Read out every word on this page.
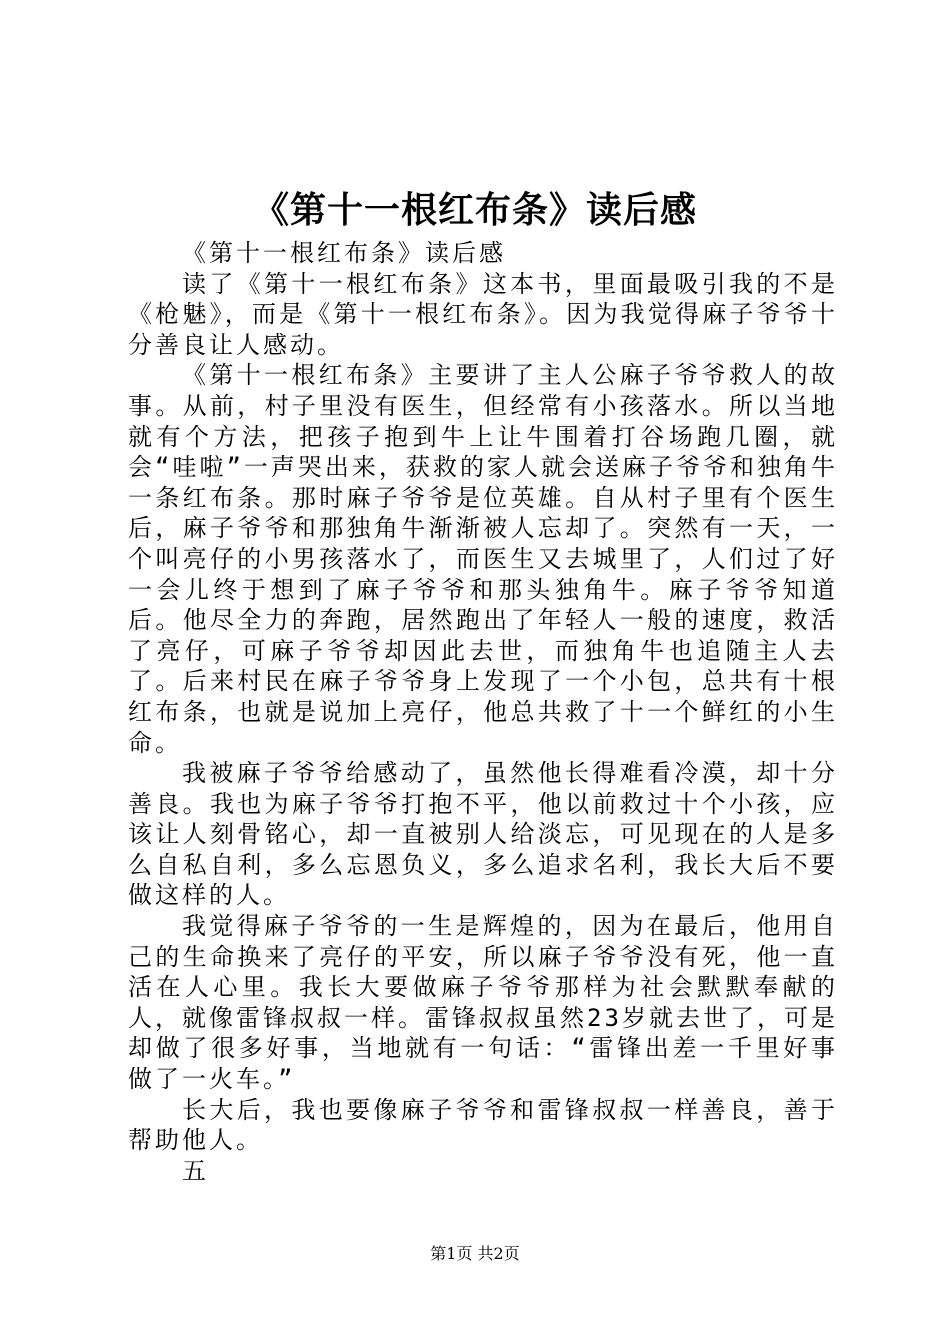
《第十一根红布条》读后感

《第十一根红布条》读后感

读了《第十一根红布条》这本书，里面最吸引我的不是《枪魅》，而是《第十一根红布条》。因为我觉得麻子爷爷十分善良让人感动。

《第十一根红布条》主要讲了主人公麻子爷爷救人的故事。从前，村子里没有医生，但经常有小孩落水。所以当地就有个方法，把孩子抱到牛上让牛围着打谷场跑几圈，就会“哇啦”一声哭出来，获救的家人就会送麻子爷爷和独角牛一条红布条。那时麻子爷爷是位英雄。自从村子里有个医生后，麻子爷爷和那独角牛渐渐被人忘却了。突然有一天，一个叫亮仔的小男孩落水了，而医生又去城里了，人们过了好一会儿终于想到了麻子爷爷和那头独角牛。麻子爷爷知道后。他尽全力的奔跑，居然跑出了年轻人一般的速度，救活了亮仔，可麻子爷爷却因此去世，而独角牛也追随主人去了。后来村民在麻子爷爷身上发现了一个小包，总共有十根红布条，也就是说加上亮仔，他总共救了十一个鲜红的小生命。

我被麻子爷爷给感动了，虽然他长得难看冷漠，却十分善良。我也为麻子爷爷打抱不平，他以前救过十个小孩，应该让人刻骨铭心，却一直被别人给淡忘，可见现在的人是多么自私自利，多么忘恩负义，多么追求名利，我长大后不要做这样的人。

我觉得麻子爷爷的一生是辉煌的，因为在最后，他用自己的生命换来了亮仔的平安，所以麻子爷爷没有死，他一直活在人心里。我长大要做麻子爷爷那样为社会默默奉献的人，就像雷锋叔叔一样。雷锋叔叔虽然23岁就去世了，可是却做了很多好事，当地就有一句话：“雷锋出差一千里好事做了一火车。”

长大后，我也要像麻子爷爷和雷锋叔叔一样善良，善于帮助他人。

五

第1页 共2页
